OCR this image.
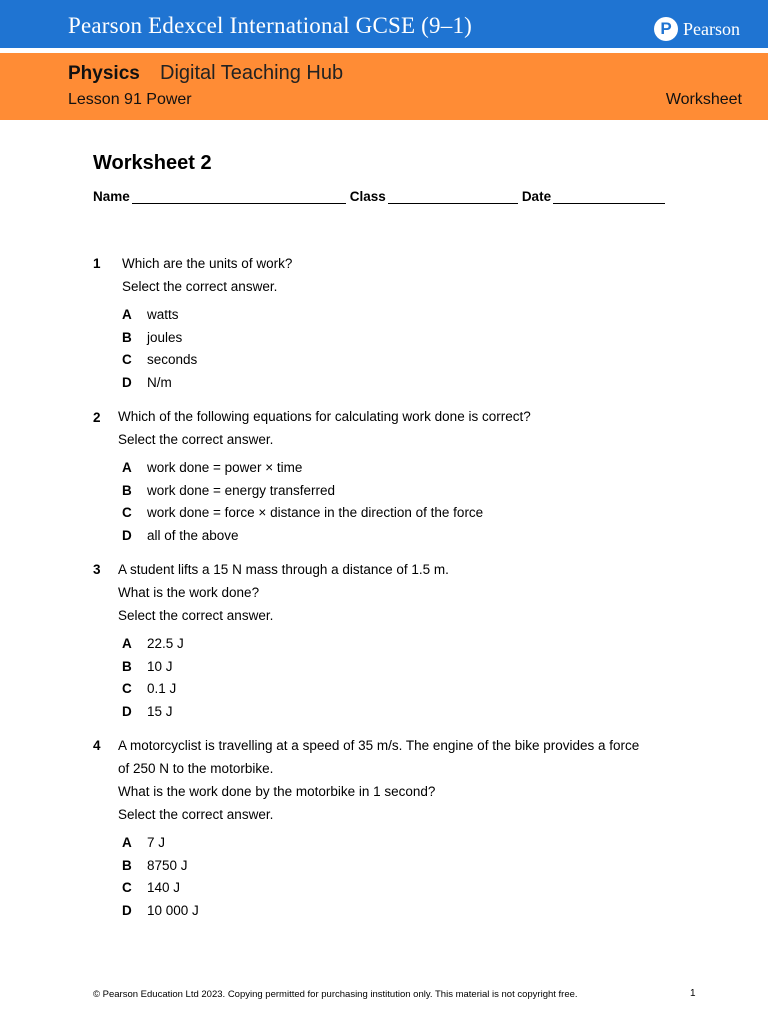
Pearson Edexcel International GCSE (9–1)	P Pearson
Physics Digital Teaching Hub
Lesson 91 Power	Worksheet
Worksheet 2
Name	Class	Date
1 Which are the units of work?
Select the correct answer.
A watts
B joules
C seconds
D N/m
2 Which of the following equations for calculating work done is correct?
Select the correct answer.
A work done = power × time
B work done = energy transferred
C work done = force × distance in the direction of the force
D all of the above
3 A student lifts a 15 N mass through a distance of 1.5 m.
What is the work done?
Select the correct answer.
A 22.5 J
B 10 J
C 0.1 J
D 15 J
4 A motorcyclist is travelling at a speed of 35 m/s. The engine of the bike provides a force
of 250 N to the motorbike.
What is the work done by the motorbike in 1 second?
Select the correct answer.
A 7 J
B 8750 J
C 140 J
D 10 000 J
© Pearson Education Ltd 2023. Copying permitted for purchasing institution only. This material is not copyright free.	1
